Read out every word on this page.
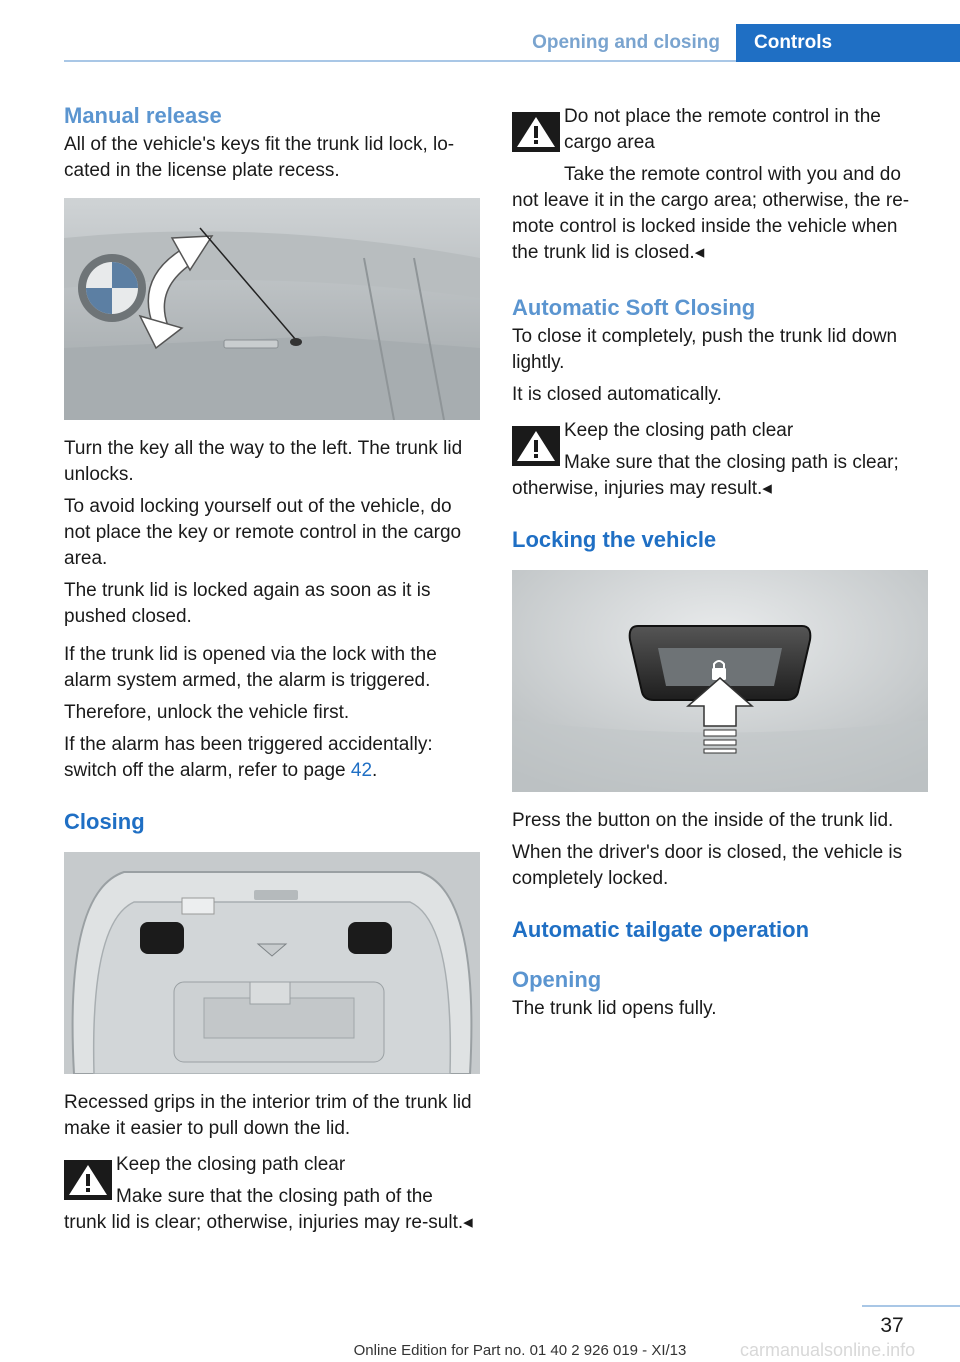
Opening and closing	Controls
Manual release

All of the vehicle's keys fit the trunk lid lock, lo-cated in the license plate recess.

Turn the key all the way to the left. The trunk lid unlocks.

To avoid locking yourself out of the vehicle, do not place the key or remote control in the cargo area.

The trunk lid is locked again as soon as it is pushed closed.

If the trunk lid is opened via the lock with the alarm system armed, the alarm is triggered.

Therefore, unlock the vehicle first.

If the alarm has been triggered accidentally: switch off the alarm, refer to page 42.

Closing

Recessed grips in the interior trim of the trunk lid make it easier to pull down the lid.

Keep the closing path clear
Make sure that the closing path of the trunk lid is clear; otherwise, injuries may re-sult.◂
Do not place the remote control in the cargo area
Take the remote control with you and do not leave it in the cargo area; otherwise, the re-mote control is locked inside the vehicle when the trunk lid is closed.◂
Automatic Soft Closing

To close it completely, push the trunk lid down lightly.

It is closed automatically.

Keep the closing path clear
Make sure that the closing path is clear; otherwise, injuries may result.◂
Locking the vehicle

Press the button on the inside of the trunk lid.

When the driver's door is closed, the vehicle is completely locked.

Automatic tailgate operation
Opening

The trunk lid opens fully.

37
Online Edition for Part no. 01 40 2 926 019 - XI/13	carmanualsonline.info
